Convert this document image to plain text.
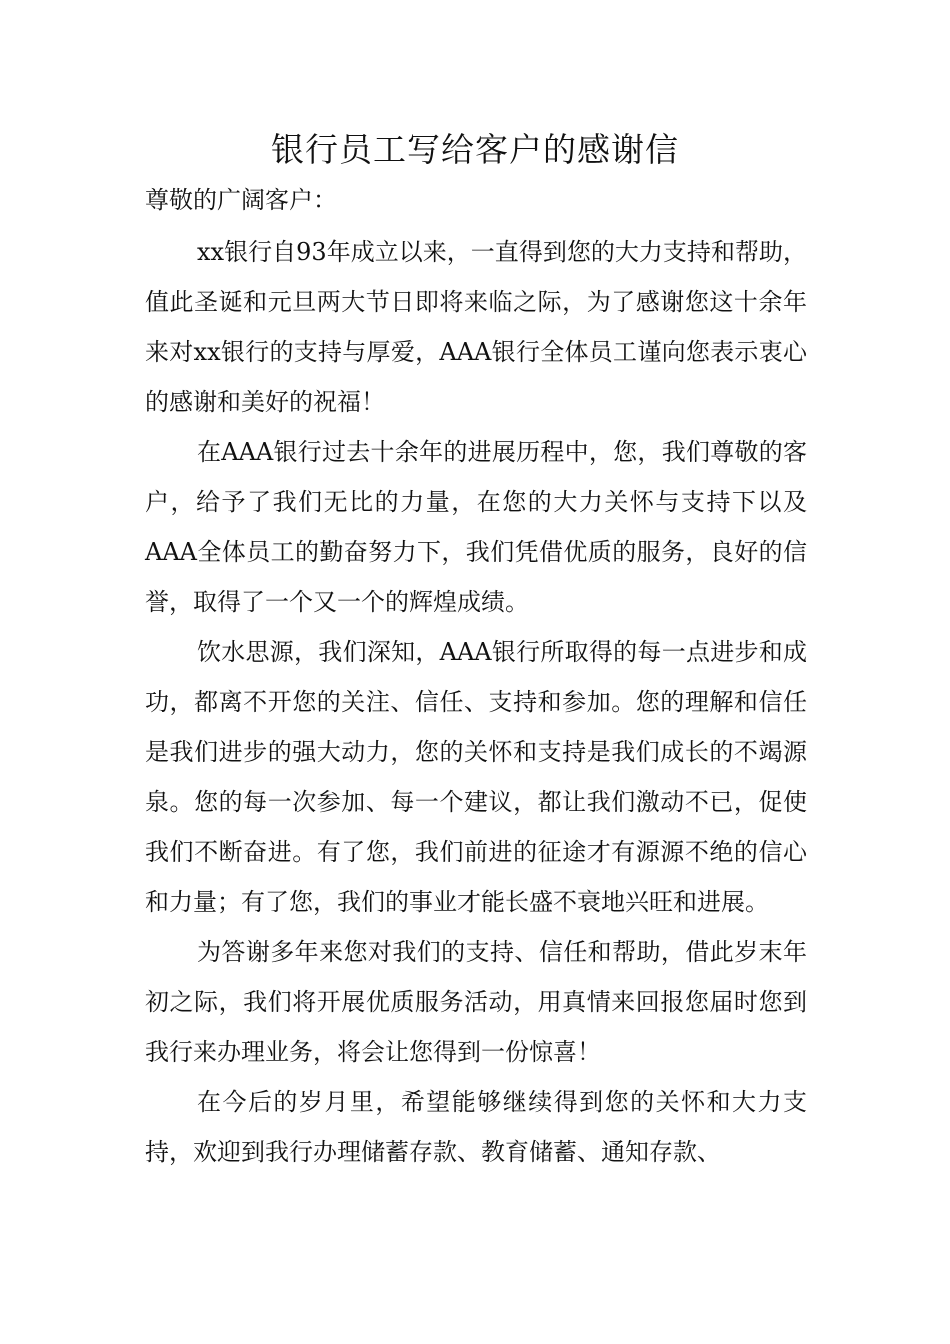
银行员工写给客户的感谢信

尊敬的广阔客户：

xx银行自93年成立以来，一直得到您的大力支持和帮助，值此圣诞和元旦两大节日即将来临之际，为了感谢您这十余年来对xx银行的支持与厚爱，AAA银行全体员工谨向您表示衷心的感谢和美好的祝福！

在AAA银行过去十余年的进展历程中，您，我们尊敬的客户，给予了我们无比的力量，在您的大力关怀与支持下以及AAA全体员工的勤奋努力下，我们凭借优质的服务，良好的信誉，取得了一个又一个的辉煌成绩。

饮水思源，我们深知，AAA银行所取得的每一点进步和成功，都离不开您的关注、信任、支持和参加。您的理解和信任是我们进步的强大动力，您的关怀和支持是我们成长的不竭源泉。您的每一次参加、每一个建议，都让我们激动不已，促使我们不断奋进。有了您，我们前进的征途才有源源不绝的信心和力量；有了您，我们的事业才能长盛不衰地兴旺和进展。

为答谢多年来您对我们的支持、信任和帮助，借此岁末年初之际，我们将开展优质服务活动，用真情来回报您届时您到我行来办理业务，将会让您得到一份惊喜！

在今后的岁月里，希望能够继续得到您的关怀和大力支持，欢迎到我行办理储蓄存款、教育储蓄、通知存款、
